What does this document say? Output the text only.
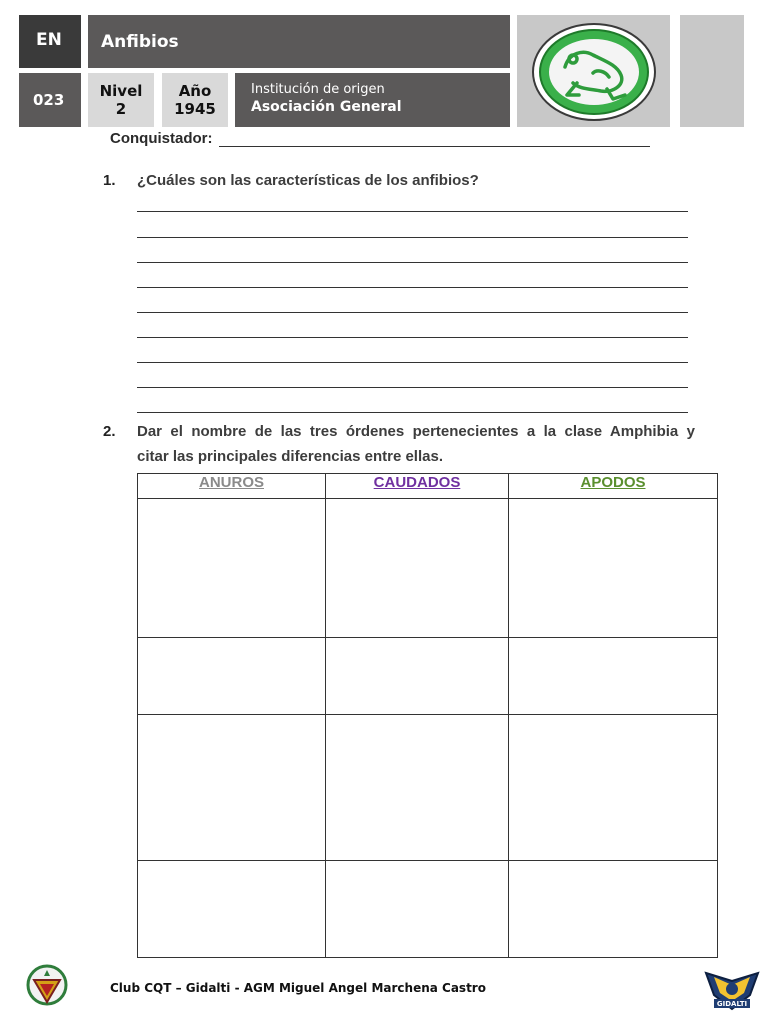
EN	Anfibios
023	Nivel
2
Año
1945
Institución de origen
Asociación General
Conquistador:
1. ¿Cuáles son las características de los anfibios?
2. Dar el nombre de las tres órdenes pertenecientes a la clase Amphibia y
citar las principales diferencias entre ellas.
ANUROS	CAUDADOS	APODOS

Club CQT – Gidalti - AGM Miguel Angel Marchena Castro
GIDALTI
